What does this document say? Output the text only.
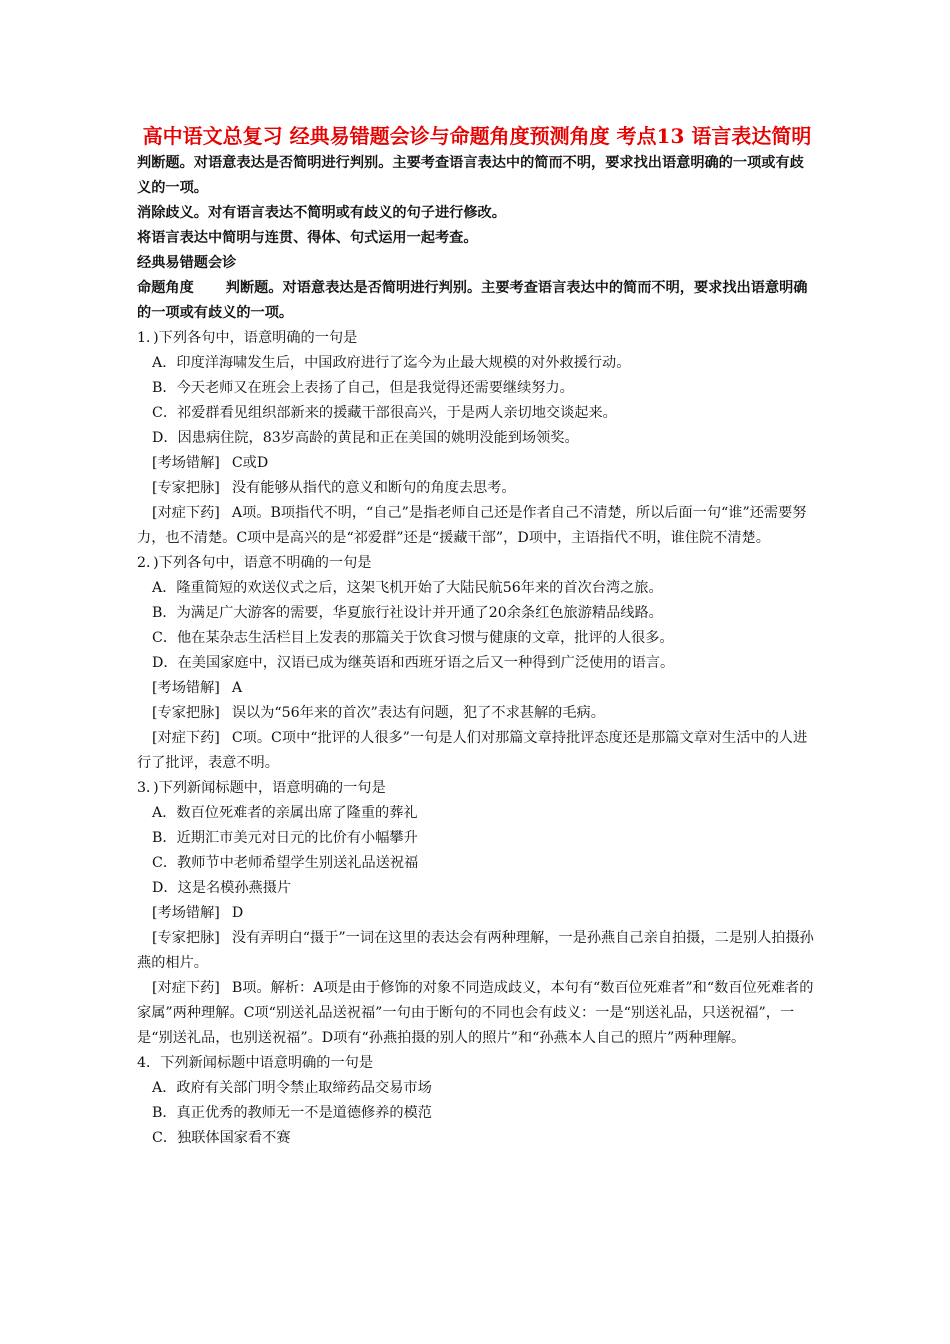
高中语文总复习 经典易错题会诊与命题角度预测角度 考点13 语言表达简明

判断题。对语意表达是否简明进行判别。主要考查语言表达中的简而不明，要求找出语意明确的一项或有歧义的一项。

消除歧义。对有语言表达不简明或有歧义的句子进行修改。

将语言表达中简明与连贯、得体、句式运用一起考查。

经典易错题会诊

命题角度 判断题。对语意表达是否简明进行判别。主要考查语言表达中的简而不明，要求找出语意明确的一项或有歧义的一项。

1．)下列各句中，语意明确的一句是

A．印度洋海啸发生后，中国政府进行了迄今为止最大规模的对外救援行动。

B．今天老师又在班会上表扬了自己，但是我觉得还需要继续努力。

C．祁爱群看见组织部新来的援藏干部很高兴，于是两人亲切地交谈起来。

D．因患病住院，83岁高龄的黄昆和正在美国的姚明没能到场领奖。

[考场错解] C或D

[专家把脉] 没有能够从指代的意义和断句的角度去思考。

[对症下药] A项。B项指代不明，“自己”是指老师自己还是作者自己不清楚，所以后面一句“谁”还需要努力，也不清楚。C项中是高兴的是“祁爱群”还是“援藏干部”，D项中，主语指代不明，谁住院不清楚。

2．)下列各句中，语意不明确的一句是

A．隆重简短的欢送仪式之后，这架飞机开始了大陆民航56年来的首次台湾之旅。

B．为满足广大游客的需要，华夏旅行社设计并开通了20余条红色旅游精品线路。

C．他在某杂志生活栏目上发表的那篇关于饮食习惯与健康的文章，批评的人很多。

D．在美国家庭中，汉语已成为继英语和西班牙语之后又一种得到广泛使用的语言。

[考场错解] A

[专家把脉] 误以为“56年来的首次”表达有问题，犯了不求甚解的毛病。

[对症下药] C项。C项中“批评的人很多”一句是人们对那篇文章持批评态度还是那篇文章对生活中的人进行了批评，表意不明。

3．)下列新闻标题中，语意明确的一句是

A．数百位死难者的亲属出席了隆重的葬礼

B．近期汇市美元对日元的比价有小幅攀升

C．教师节中老师希望学生别送礼品送祝福

D．这是名模孙燕摄片

[考场错解] D

[专家把脉] 没有弄明白“摄于”一词在这里的表达会有两种理解，一是孙燕自己亲自拍摄，二是别人拍摄孙燕的相片。

[对症下药] B项。解析：A项是由于修饰的对象不同造成歧义，本句有“数百位死难者”和“数百位死难者的家属”两种理解。C项“别送礼品送祝福”一句由于断句的不同也会有歧义：一是“别送礼品，只送祝福”，一是“别送礼品，也别送祝福”。D项有“孙燕拍摄的别人的照片”和“孙燕本人自己的照片”两种理解。

4．下列新闻标题中语意明确的一句是

A．政府有关部门明令禁止取缔药品交易市场

B．真正优秀的教师无一不是道德修养的模范

C．独联体国家看不赛
